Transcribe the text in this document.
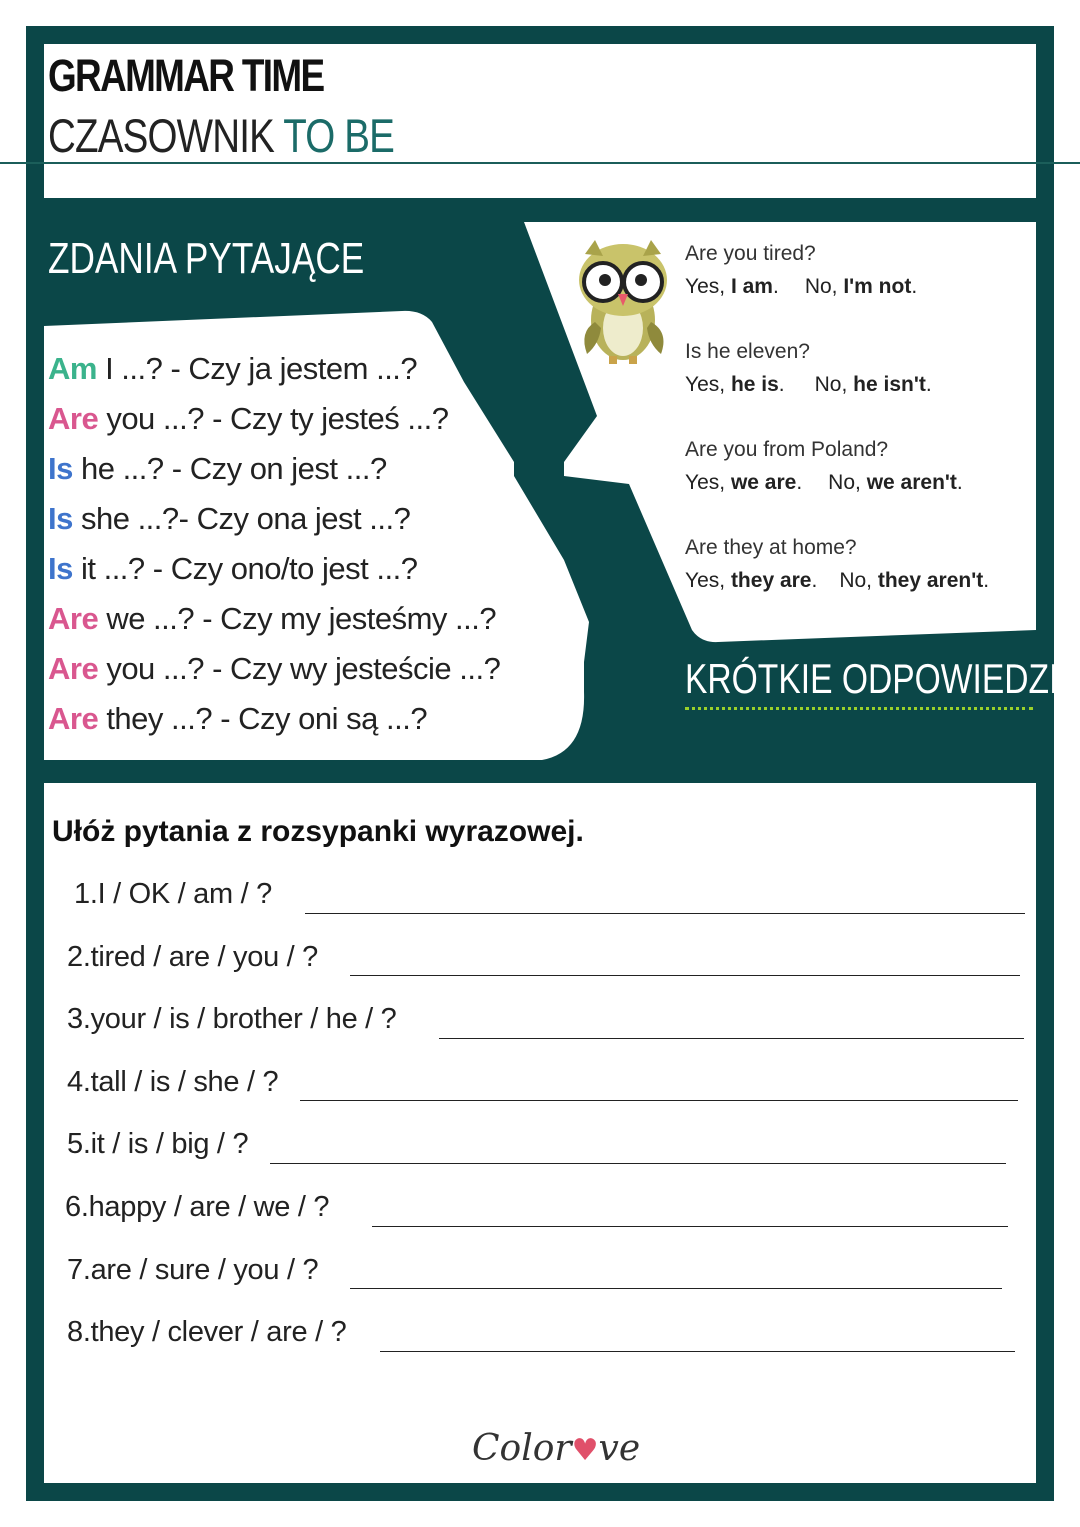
GRAMMAR TIME
CZASOWNIK TO BE
ZDANIA PYTAJĄCE
Am I ...? - Czy ja jestem ...?
Are you ...? - Czy ty jesteś ...?
Is he ...? - Czy on jest ...?
Is she ...?- Czy ona jest ...?
Is it ...? - Czy ono/to jest ...?
Are we ...? - Czy my jesteśmy ...?
Are you ...? - Czy wy jesteście ...?
Are they ...? - Czy oni są ...?
Are you tired?
Yes, I am. No, I'm not.
Is he eleven?
Yes, he is. No, he isn't.
Are you from Poland?
Yes, we are. No, we aren't.
Are they at home?
Yes, they are. No, they aren't.
KRÓTKIE ODPOWIEDZI
Ułóż pytania z rozsypanki wyrazowej.
1.I / OK / am / ?
2.tired / are / you / ?
3.your / is / brother / he / ?
4.tall / is / she / ?
5.it / is / big / ?
6.happy / are / we / ?
7.are / sure / you / ?
8.they / clever / are / ?
Color♥ve
